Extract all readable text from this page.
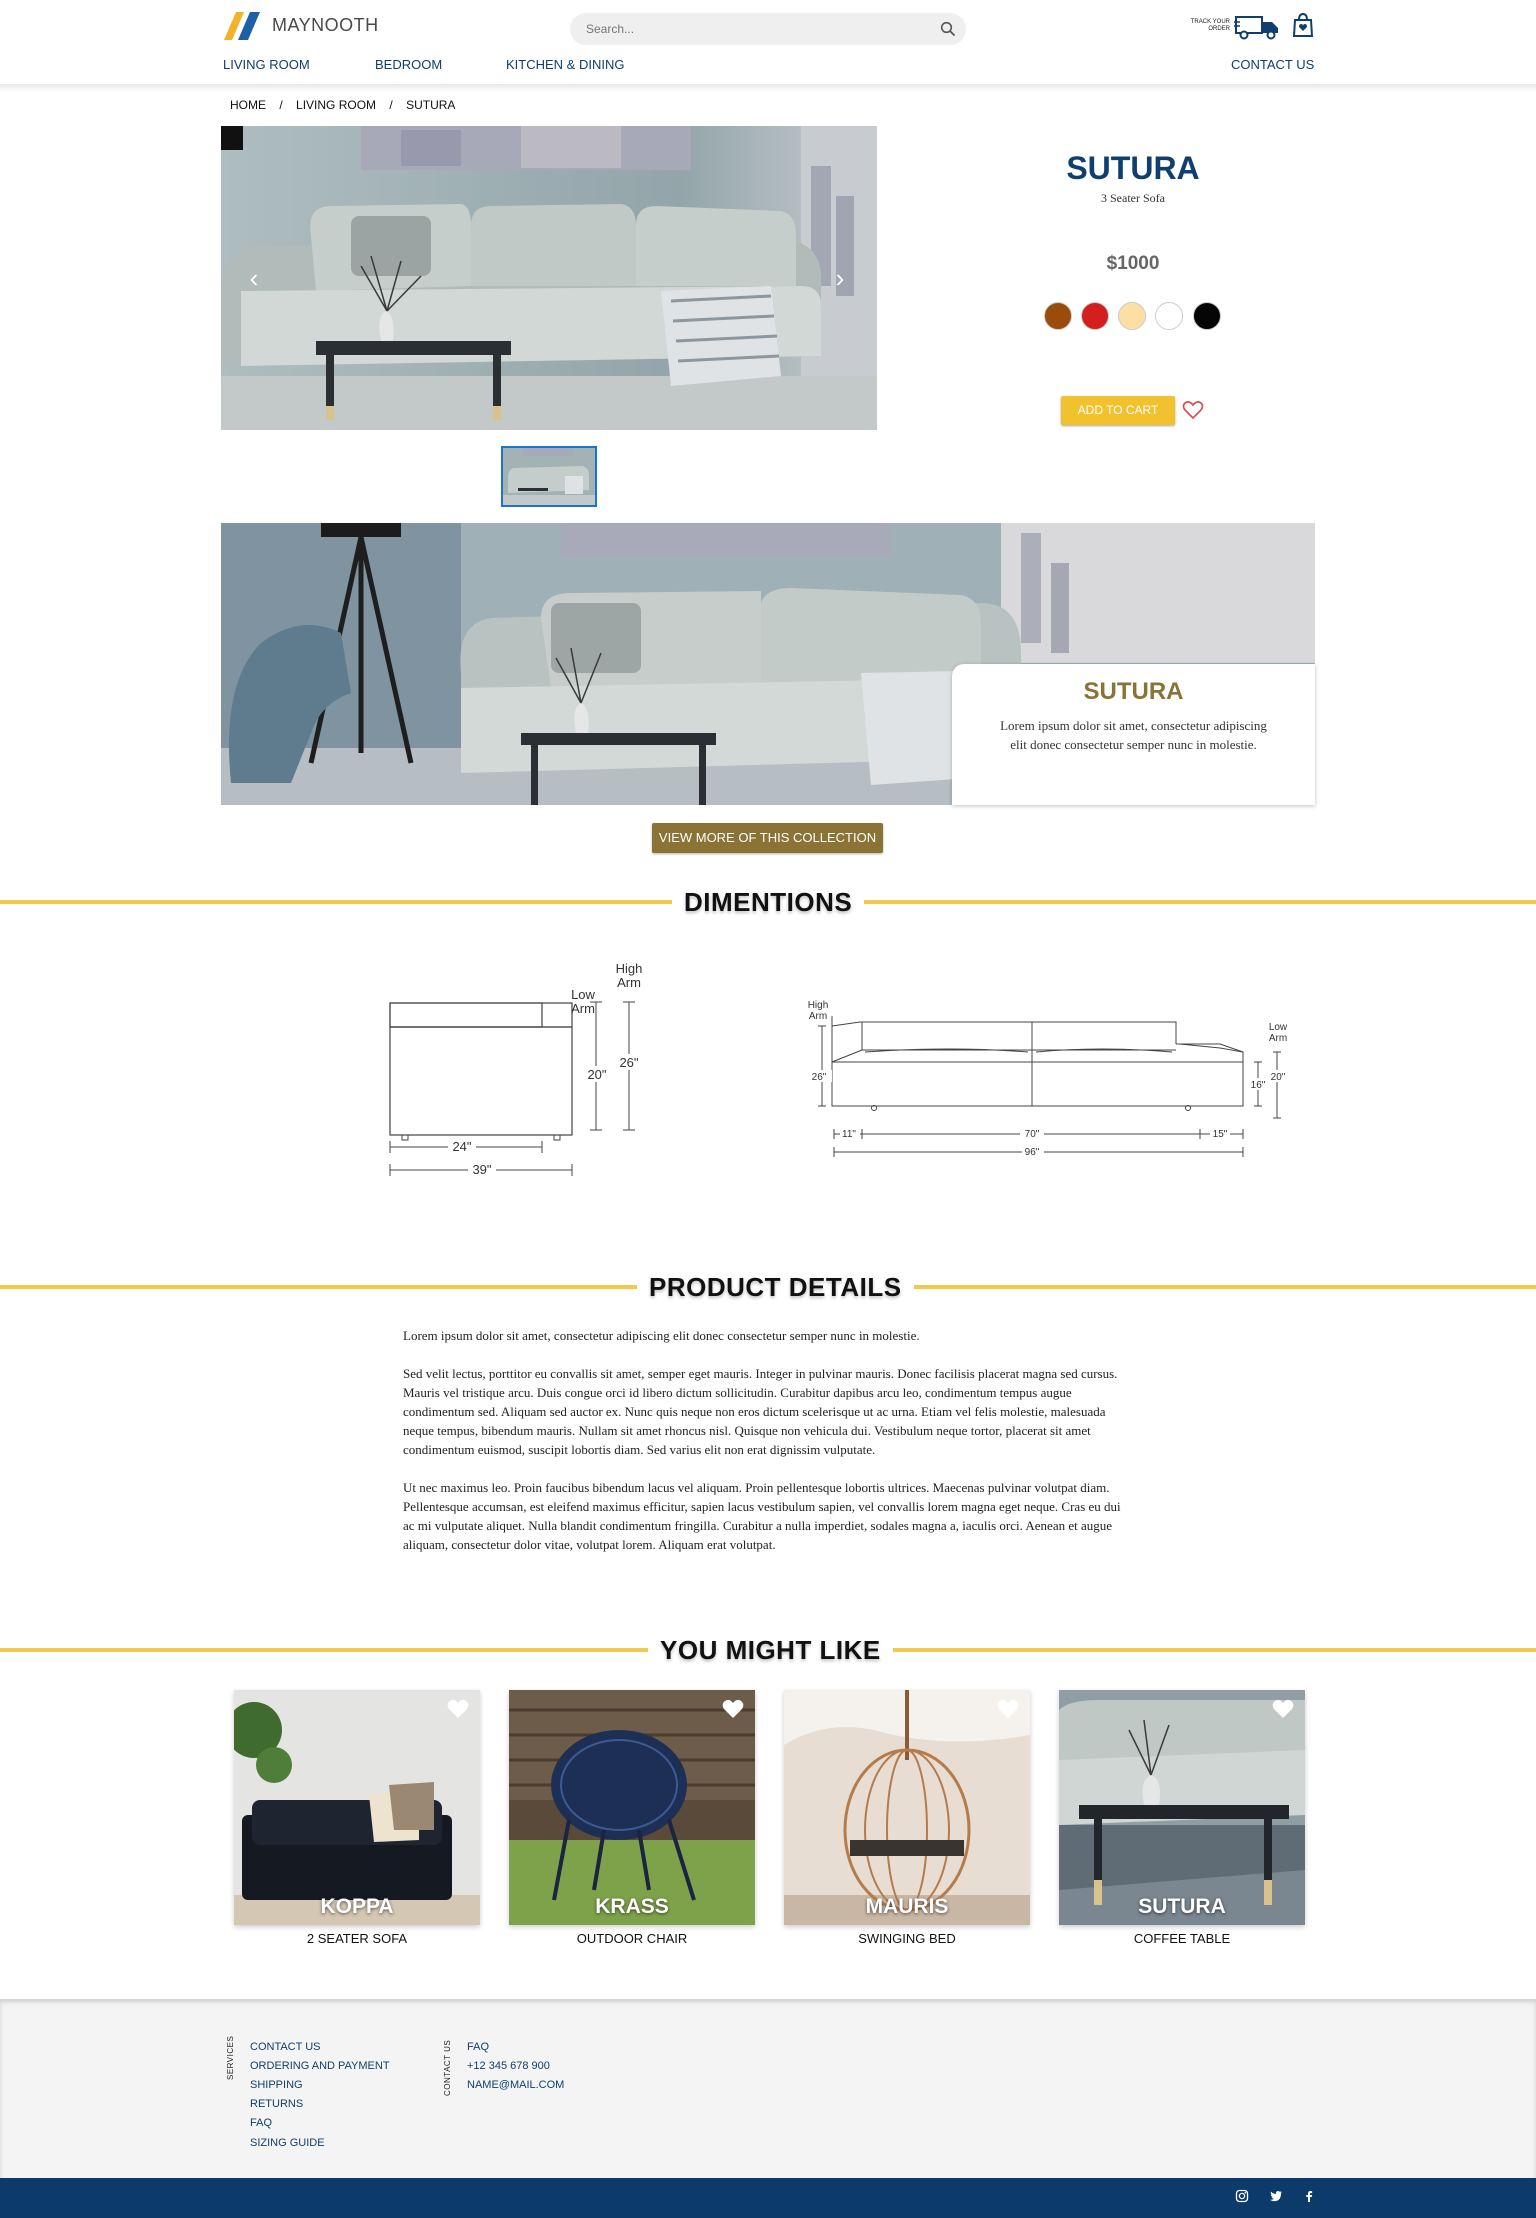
MAYNOOTH
Search...	TRACK YOUR ORDER
LIVING ROOM	BEDROOM	KITCHEN & DINING	CONTACT US
HOME / LIVING ROOM / SUTURA
‹	›
SUTURA
3 Seater Sofa
$1000
ADD TO CART
SUTURA
Lorem ipsum dolor sit amet, consectetur adipiscing elit donec consectetur semper nunc in molestie.
VIEW MORE OF THIS COLLECTION
DIMENTIONS
Low
Arm
High
Arm
20"
26"
24"
39"
High
Arm
Low
Arm
26"
16"
20"
11"	70"	15"
96"
PRODUCT DETAILS

Lorem ipsum dolor sit amet, consectetur adipiscing elit donec consectetur semper nunc in molestie.

Sed velit lectus, porttitor eu convallis sit amet, semper eget mauris. Integer in pulvinar mauris. Donec facilisis placerat magna sed cursus. Mauris vel tristique arcu. Duis congue orci id libero dictum sollicitudin. Curabitur dapibus arcu leo, condimentum tempus augue condimentum sed. Aliquam sed auctor ex. Nunc quis neque non eros dictum scelerisque ut ac urna. Etiam vel felis molestie, malesuada neque tempus, bibendum mauris. Nullam sit amet rhoncus nisl. Quisque non vehicula dui. Vestibulum neque tortor, placerat sit amet condimentum euismod, suscipit lobortis diam. Sed varius elit non erat dignissim vulputate.

Ut nec maximus leo. Proin faucibus bibendum lacus vel aliquam. Proin pellentesque lobortis ultrices. Maecenas pulvinar volutpat diam. Pellentesque accumsan, est eleifend maximus efficitur, sapien lacus vestibulum sapien, vel convallis lorem magna eget neque. Cras eu dui ac mi vulputate aliquet. Nulla blandit condimentum fringilla. Curabitur a nulla imperdiet, sodales magna a, iaculis orci. Aenean et augue aliquam, consectetur dolor vitae, volutpat lorem. Aliquam erat volutpat.

YOU MIGHT LIKE
KOPPA
2 SEATER SOFA
KRASS
OUTDOOR CHAIR
MAURIS
SWINGING BED
SUTURA
COFFEE TABLE
SERVICES CONTACT US
ORDERING AND PAYMENT
SHIPPING
RETURNS
FAQ
SIZING GUIDE
CONTACT US FAQ
+12 345 678 900
NAME@MAIL.COM
